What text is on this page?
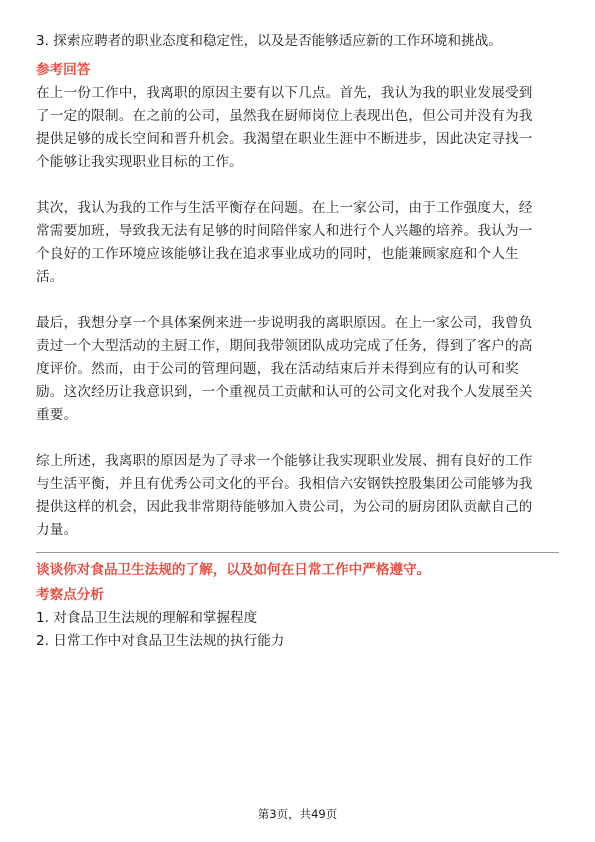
3. 探索应聘者的职业态度和稳定性，以及是否能够适应新的工作环境和挑战。
参考回答
在上一份工作中，我离职的原因主要有以下几点。首先，我认为我的职业发展受到
了一定的限制。在之前的公司，虽然我在厨师岗位上表现出色，但公司并没有为我
提供足够的成长空间和晋升机会。我渴望在职业生涯中不断进步，因此决定寻找一
个能够让我实现职业目标的工作。
其次，我认为我的工作与生活平衡存在问题。在上一家公司，由于工作强度大，经
常需要加班，导致我无法有足够的时间陪伴家人和进行个人兴趣的培养。我认为一
个良好的工作环境应该能够让我在追求事业成功的同时，也能兼顾家庭和个人生
活。
最后，我想分享一个具体案例来进一步说明我的离职原因。在上一家公司，我曾负
责过一个大型活动的主厨工作，期间我带领团队成功完成了任务，得到了客户的高
度评价。然而，由于公司的管理问题，我在活动结束后并未得到应有的认可和奖
励。这次经历让我意识到，一个重视员工贡献和认可的公司文化对我个人发展至关
重要。
综上所述，我离职的原因是为了寻求一个能够让我实现职业发展、拥有良好的工作
与生活平衡，并且有优秀公司文化的平台。我相信六安钢铁控股集团公司能够为我
提供这样的机会，因此我非常期待能够加入贵公司，为公司的厨房团队贡献自己的
力量。
谈谈你对食品卫生法规的了解，以及如何在日常工作中严格遵守。
考察点分析
1. 对食品卫生法规的理解和掌握程度
2. 日常工作中对食品卫生法规的执行能力
第3页，共49页
